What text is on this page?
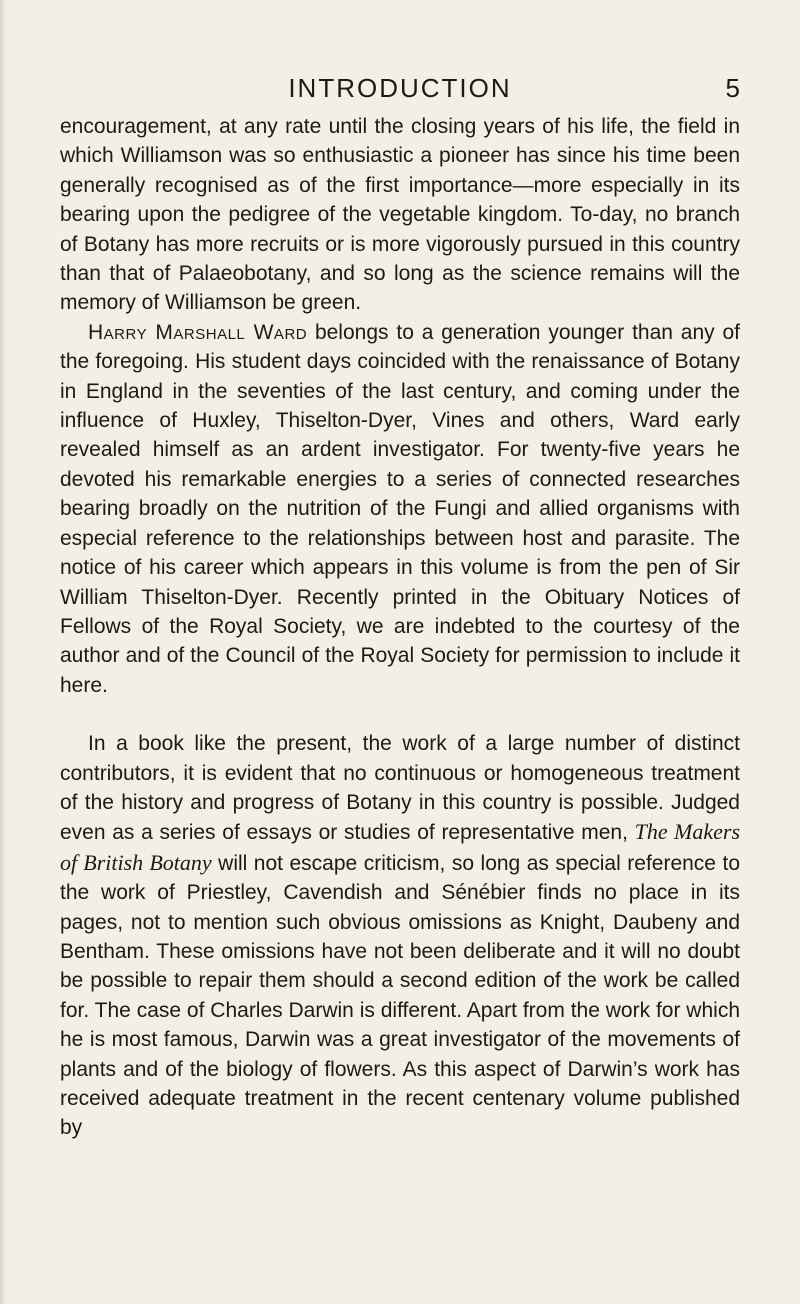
INTRODUCTION	5

encouragement, at any rate until the closing years of his life, the field in which Williamson was so enthusiastic a pioneer has since his time been generally recognised as of the first importance—more especially in its bearing upon the pedigree of the vegetable kingdom. To-day, no branch of Botany has more recruits or is more vigorously pursued in this country than that of Palaeobotany, and so long as the science remains will the memory of Williamson be green.

Harry Marshall Ward belongs to a generation younger than any of the foregoing. His student days coincided with the renaissance of Botany in England in the seventies of the last century, and coming under the influence of Huxley, Thiselton-Dyer, Vines and others, Ward early revealed himself as an ardent investigator. For twenty-five years he devoted his remarkable energies to a series of connected researches bearing broadly on the nutrition of the Fungi and allied organisms with especial reference to the relationships between host and parasite. The notice of his career which appears in this volume is from the pen of Sir William Thiselton-Dyer. Recently printed in the Obituary Notices of Fellows of the Royal Society, we are indebted to the courtesy of the author and of the Council of the Royal Society for permission to include it here.

In a book like the present, the work of a large number of distinct contributors, it is evident that no continuous or homogeneous treatment of the history and progress of Botany in this country is possible. Judged even as a series of essays or studies of representative men, The Makers of British Botany will not escape criticism, so long as special reference to the work of Priestley, Cavendish and Sénébier finds no place in its pages, not to mention such obvious omissions as Knight, Daubeny and Bentham. These omissions have not been deliberate and it will no doubt be possible to repair them should a second edition of the work be called for. The case of Charles Darwin is different. Apart from the work for which he is most famous, Darwin was a great investigator of the movements of plants and of the biology of flowers. As this aspect of Darwin’s work has received adequate treatment in the recent centenary volume published by
